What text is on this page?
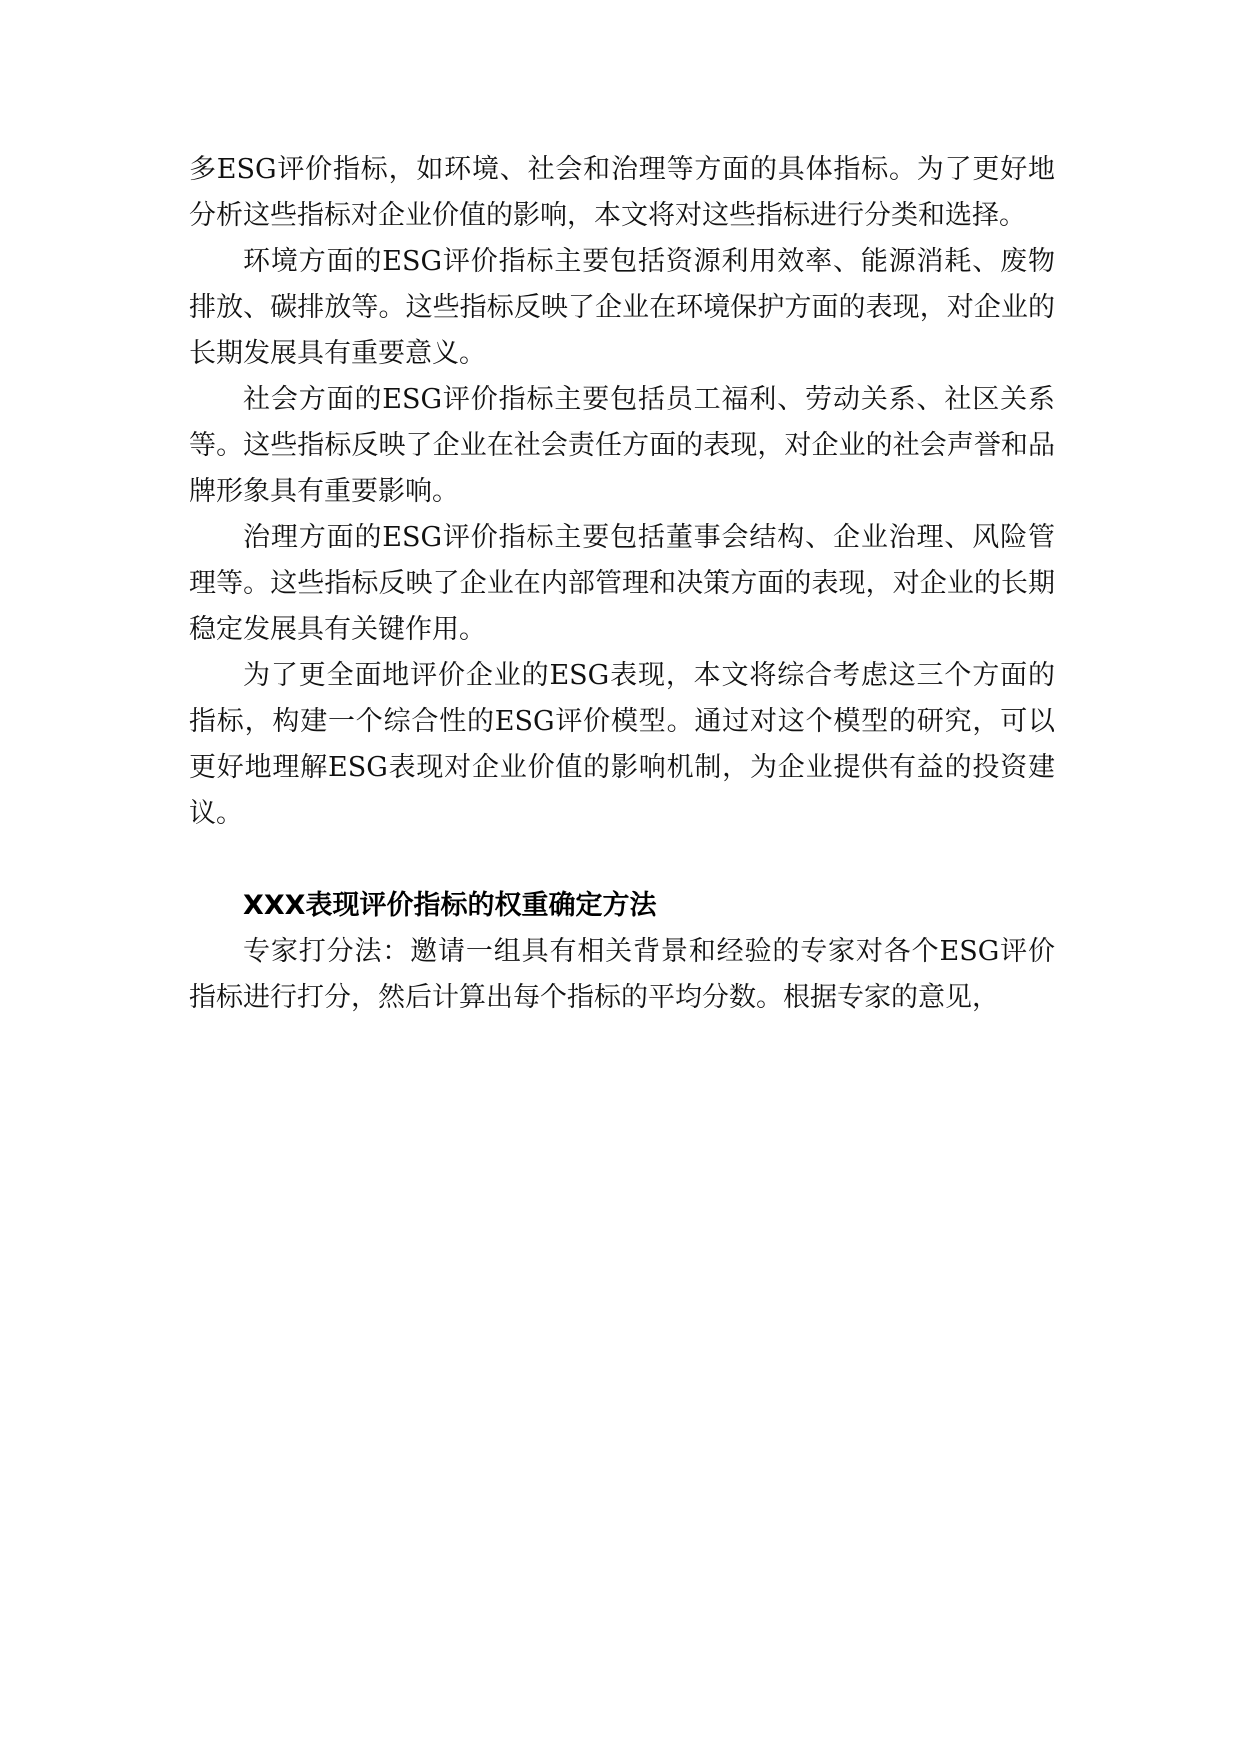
多ESG评价指标，如环境、社会和治理等方面的具体指标。为了更好地分析这些指标对企业价值的影响，本文将对这些指标进行分类和选择。

环境方面的ESG评价指标主要包括资源利用效率、能源消耗、废物排放、碳排放等。这些指标反映了企业在环境保护方面的表现，对企业的长期发展具有重要意义。

社会方面的ESG评价指标主要包括员工福利、劳动关系、社区关系等。这些指标反映了企业在社会责任方面的表现，对企业的社会声誉和品牌形象具有重要影响。

治理方面的ESG评价指标主要包括董事会结构、企业治理、风险管理等。这些指标反映了企业在内部管理和决策方面的表现，对企业的长期稳定发展具有关键作用。

为了更全面地评价企业的ESG表现，本文将综合考虑这三个方面的指标，构建一个综合性的ESG评价模型。通过对这个模型的研究，可以更好地理解ESG表现对企业价值的影响机制，为企业提供有益的投资建议。

XXX表现评价指标的权重确定方法

专家打分法：邀请一组具有相关背景和经验的专家对各个ESG评价指标进行打分，然后计算出每个指标的平均分数。根据专家的意见，
